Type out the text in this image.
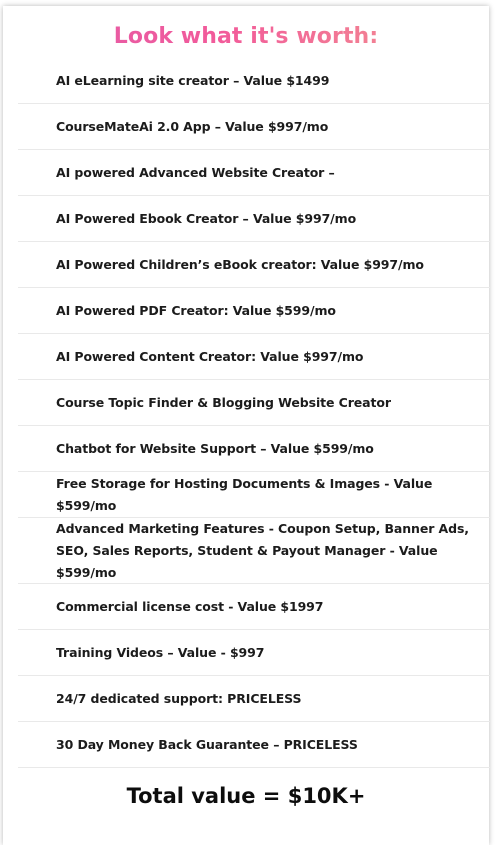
Look what it's worth:
AI eLearning site creator – Value $1499
CourseMateAi 2.0 App – Value $997/mo
AI powered Advanced Website Creator –
AI Powered Ebook Creator – Value $997/mo
AI Powered Children’s eBook creator: Value $997/mo
AI Powered PDF Creator: Value $599/mo
AI Powered Content Creator: Value $997/mo
Course Topic Finder & Blogging Website Creator
Chatbot for Website Support – Value $599/mo
Free Storage for Hosting Documents & Images - Value $599/mo
Advanced Marketing Features - Coupon Setup, Banner Ads, SEO, Sales Reports, Student & Payout Manager - Value $599/mo
Commercial license cost - Value $1997
Training Videos – Value - $997
24/7 dedicated support: PRICELESS
30 Day Money Back Guarantee – PRICELESS
Total value = $10K+
